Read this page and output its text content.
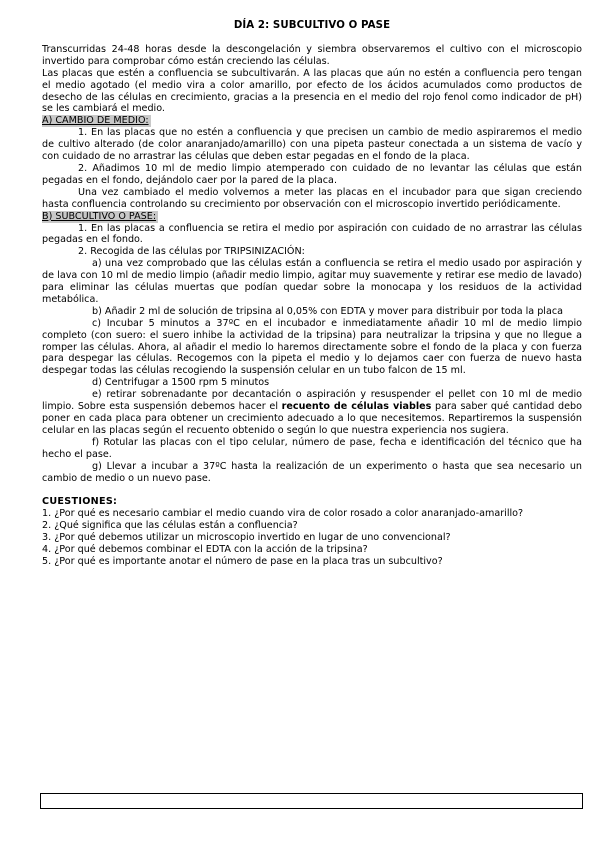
DÍA 2: SUBCULTIVO O PASE

Transcurridas 24-48 horas desde la descongelación y siembra observaremos el cultivo con el microscopio invertido para comprobar cómo están creciendo las células.

Las placas que estén a confluencia se subcultivarán. A las placas que aún no estén a confluencia pero tengan el medio agotado (el medio vira a color amarillo, por efecto de los ácidos acumulados como productos de desecho de las células en crecimiento, gracias a la presencia en el medio del rojo fenol como indicador de pH) se les cambiará el medio.

A) CAMBIO DE MEDIO:

1. En las placas que no estén a confluencia y que precisen un cambio de medio aspiraremos el medio de cultivo alterado (de color anaranjado/amarillo) con una pipeta pasteur conectada a un sistema de vacío y con cuidado de no arrastrar las células que deben estar pegadas en el fondo de la placa.

2. Añadimos 10 ml de medio limpio atemperado con cuidado de no levantar las células que están pegadas en el fondo, dejándolo caer por la pared de la placa.

Una vez cambiado el medio volvemos a meter las placas en el incubador para que sigan creciendo hasta confluencia controlando su crecimiento por observación con el microscopio invertido periódicamente.

B) SUBCULTIVO O PASE:

1. En las placas a confluencia se retira el medio por aspiración con cuidado de no arrastrar las células pegadas en el fondo.

2. Recogida de las células por TRIPSINIZACIÓN:

a) una vez comprobado que las células están a confluencia se retira el medio usado por aspiración y de lava con 10 ml de medio limpio (añadir medio limpio, agitar muy suavemente y retirar ese medio de lavado) para eliminar las células muertas que podían quedar sobre la monocapa y los residuos de la actividad metabólica.

b) Añadir 2 ml de solución de tripsina al 0,05% con EDTA y mover para distribuir por toda la placa

c) Incubar 5 minutos a 37ºC en el incubador e inmediatamente añadir 10 ml de medio limpio completo (con suero: el suero inhibe la actividad de la tripsina) para neutralizar la tripsina y que no llegue a romper las células. Ahora, al añadir el medio lo haremos directamente sobre el fondo de la placa y con fuerza para despegar las células. Recogemos con la pipeta el medio y lo dejamos caer con fuerza de nuevo hasta despegar todas las células recogiendo la suspensión celular en un tubo falcon de 15 ml.

d) Centrifugar a 1500 rpm 5 minutos

e) retirar sobrenadante por decantación o aspiración y resuspender el pellet con 10 ml de medio limpio. Sobre esta suspensión debemos hacer el recuento de células viables para saber qué cantidad debo poner en cada placa para obtener un crecimiento adecuado a lo que necesitemos. Repartiremos la suspensión celular en las placas según el recuento obtenido o según lo que nuestra experiencia nos sugiera.

f) Rotular las placas con el tipo celular, número de pase, fecha e identificación del técnico que ha hecho el pase.

g) Llevar a incubar a 37ºC hasta la realización de un experimento o hasta que sea necesario un cambio de medio o un nuevo pase.

CUESTIONES:
1. ¿Por qué es necesario cambiar el medio cuando vira de color rosado a color anaranjado-amarillo?
2. ¿Qué significa que las células están a confluencia?
3. ¿Por qué debemos utilizar un microscopio invertido en lugar de uno convencional?
4. ¿Por qué debemos combinar el EDTA con la acción de la tripsina?
5. ¿Por qué es importante anotar el número de pase en la placa tras un subcultivo?
